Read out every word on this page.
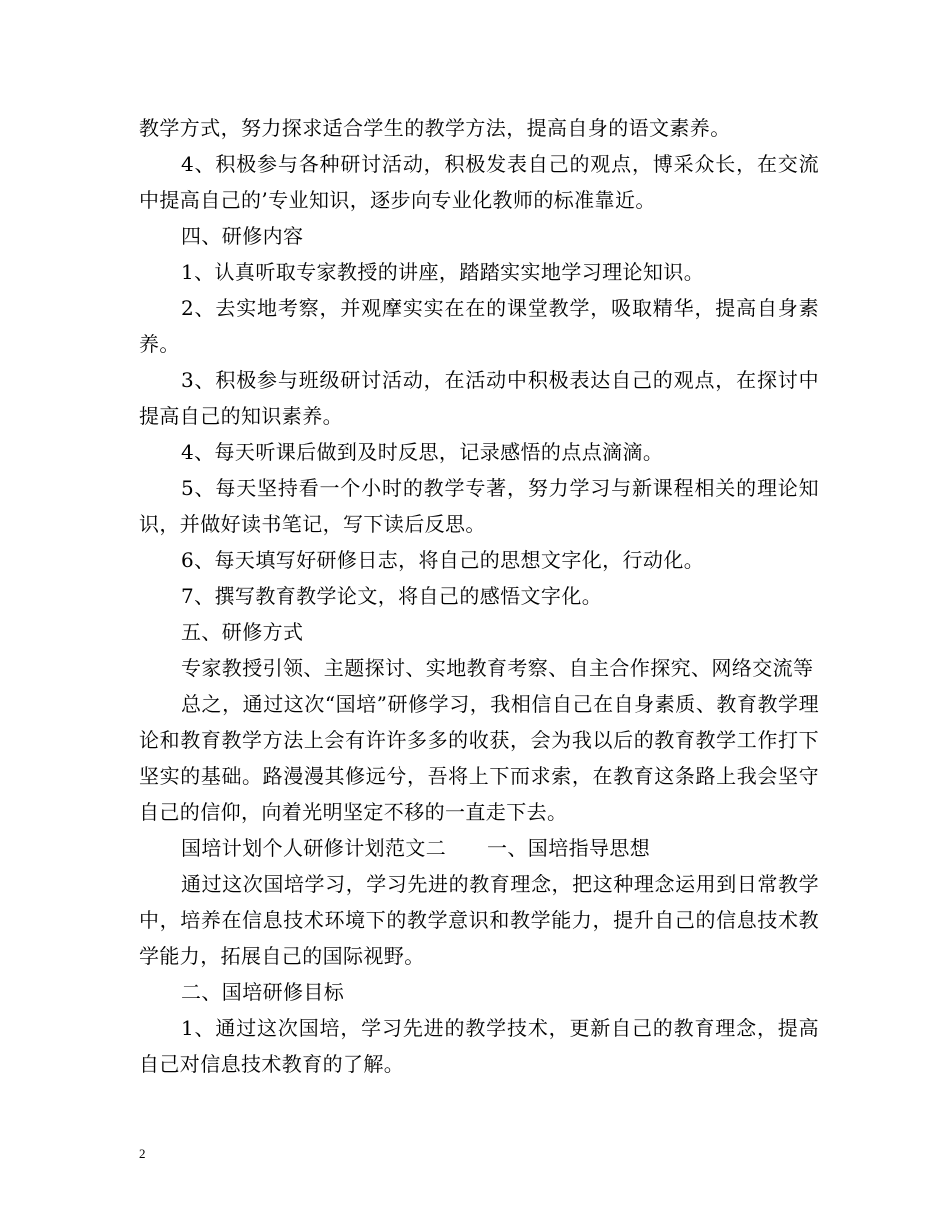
教学方式，努力探求适合学生的教学方法，提高自身的语文素养。

4、积极参与各种研讨活动，积极发表自己的观点，博采众长，在交流中提高自己的’专业知识，逐步向专业化教师的标准靠近。

四、研修内容

1、认真听取专家教授的讲座，踏踏实实地学习理论知识。

2、去实地考察，并观摩实实在在的课堂教学，吸取精华，提高自身素养。

3、积极参与班级研讨活动，在活动中积极表达自己的观点，在探讨中提高自己的知识素养。

4、每天听课后做到及时反思，记录感悟的点点滴滴。

5、每天坚持看一个小时的教学专著，努力学习与新课程相关的理论知识，并做好读书笔记，写下读后反思。

6、每天填写好研修日志，将自己的思想文字化，行动化。

7、撰写教育教学论文，将自己的感悟文字化。

五、研修方式

专家教授引领、主题探讨、实地教育考察、自主合作探究、网络交流等

总之，通过这次“国培”研修学习，我相信自己在自身素质、教育教学理论和教育教学方法上会有许许多多的收获，会为我以后的教育教学工作打下坚实的基础。路漫漫其修远兮，吾将上下而求索，在教育这条路上我会坚守自己的信仰，向着光明坚定不移的一直走下去。

国培计划个人研修计划范文二　　一、国培指导思想

通过这次国培学习，学习先进的教育理念，把这种理念运用到日常教学中，培养在信息技术环境下的教学意识和教学能力，提升自己的信息技术教学能力，拓展自己的国际视野。

二、国培研修目标

1、通过这次国培，学习先进的教学技术，更新自己的教育理念，提高自己对信息技术教育的了解。

2
